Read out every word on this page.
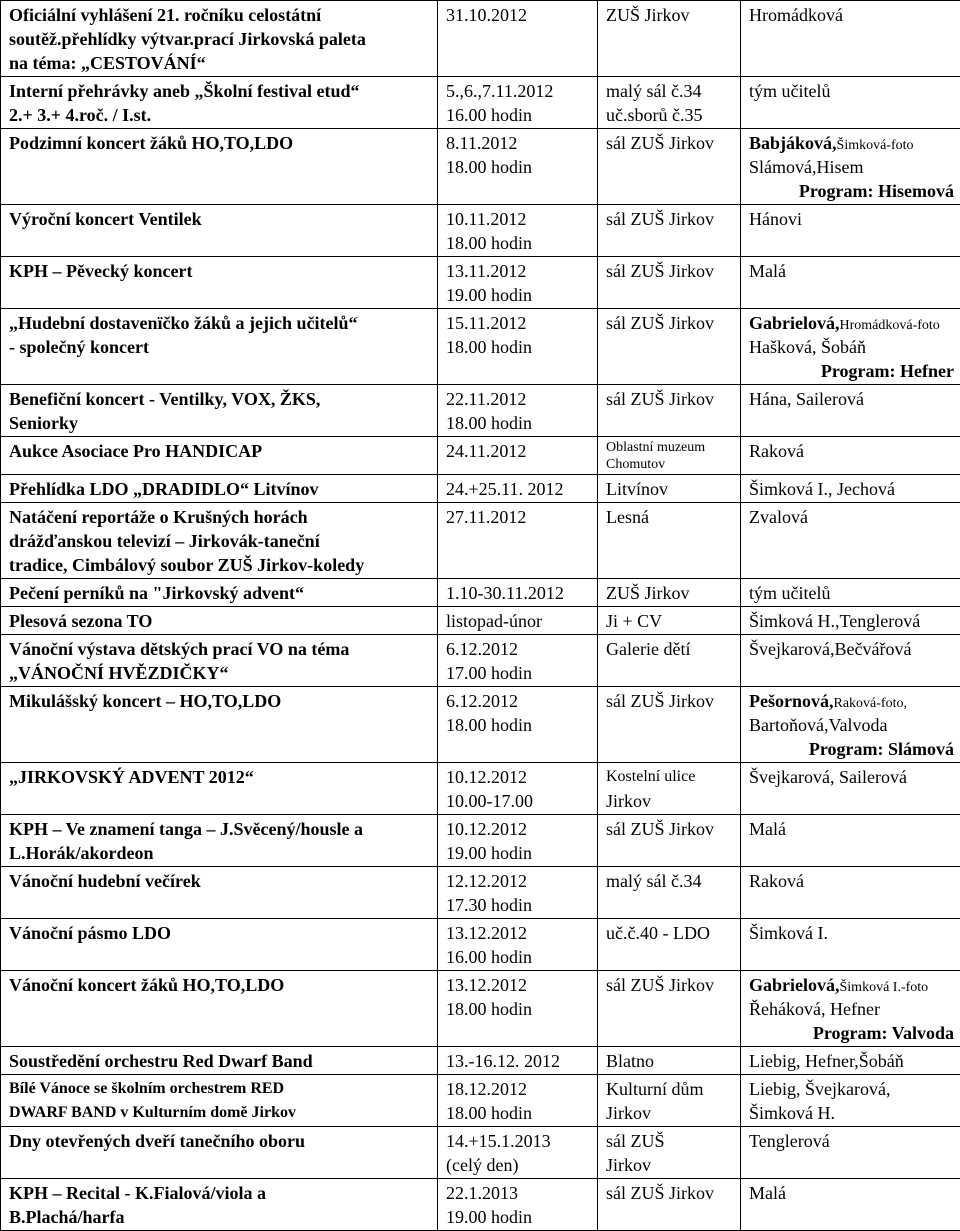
Oficiální vyhlášení 21. ročníku celostátní
soutěž.přehlídky výtvar.prací Jirkovská paleta
na téma: „CESTOVÁNÍ“	31.10.2012	ZUŠ Jirkov	Hromádková

Interní přehrávky aneb „Školní festival etud“
2.+ 3.+ 4.roč. / I.st.	5.,6.,7.11.2012
16.00 hodin	malý sál č.34
uč.sborů č.35	tým učitelů

Podzimní koncert žáků HO,TO,LDO	8.11.2012
18.00 hodin	sál ZUŠ Jirkov	Babjáková,Šimková-foto
Slámová,Hisem
Program: Hisemová

Výroční koncert Ventilek	10.11.2012
18.00 hodin	sál ZUŠ Jirkov	Hánovi

KPH – Pěvecký koncert	13.11.2012
19.00 hodin	sál ZUŠ Jirkov	Malá

„Hudební dostavenïčko žáků a jejich učitelů“
- společný koncert	15.11.2012
18.00 hodin	sál ZUŠ Jirkov	Gabrielová,Hromádková-foto
Hašková, Šobáň
Program: Hefner

Benefiční koncert - Ventilky, VOX, ŽKS,
Seniorky	22.11.2012
18.00 hodin	sál ZUŠ Jirkov	Hána, Sailerová

Aukce Asociace Pro HANDICAP	24.11.2012	Oblastní muzeum
Chomutov	Raková

Přehlídka LDO „DRADIDLO“ Litvínov	24.+25.11. 2012	Litvínov	Šimková I., Jechová

Natáčení reportáže o Krušných horách
drážďanskou televizí – Jirkovák-taneční
tradice, Cimbálový soubor ZUŠ Jirkov-koledy	27.11.2012	Lesná	Zvalová

Pečení perníků na "Jirkovský advent“	1.10-30.11.2012	ZUŠ Jirkov	tým učitelů

Plesová sezona TO	listopad-únor	Ji + CV	Šimková H.,Tenglerová

Vánoční výstava dětských prací VO na téma
„VÁNOČNÍ HVĚZDIČKY“	6.12.2012
17.00 hodin	Galerie dětí	Švejkarová,Bečvářová

Mikulášský koncert – HO,TO,LDO	6.12.2012
18.00 hodin	sál ZUŠ Jirkov	Pešornová,Raková-foto,
Bartoňová,Valvoda
Program: Slámová

„JIRKOVSKÝ ADVENT 2012“	10.12.2012
10.00-17.00	Kostelní ulice
Jirkov	Švejkarová, Sailerová

KPH – Ve znamení tanga – J.Svěcený/housle a
L.Horák/akordeon	10.12.2012
19.00 hodin	sál ZUŠ Jirkov	Malá

Vánoční hudební večírek	12.12.2012
17.30 hodin	malý sál č.34	Raková

Vánoční pásmo LDO	13.12.2012
16.00 hodin	uč.č.40 - LDO	Šimková I.

Vánoční koncert žáků HO,TO,LDO	13.12.2012
18.00 hodin	sál ZUŠ Jirkov	Gabrielová,Šimková I.-foto
Řeháková, Hefner
Program: Valvoda

Soustředění orchestru Red Dwarf Band	13.-16.12. 2012	Blatno	Liebig, Hefner,Šobáň

Bílé Vánoce se školním orchestrem RED
DWARF BAND v Kulturním domě Jirkov	18.12.2012
18.00 hodin	Kulturní dům
Jirkov	Liebig, Švejkarová,
Šimková H.

Dny otevřených dveří tanečního oboru	14.+15.1.2013
(celý den)	sál ZUŠ
Jirkov	Tenglerová

KPH – Recital - K.Fialová/viola a
B.Plachá/harfa	22.1.2013
19.00 hodin	sál ZUŠ Jirkov	Malá
